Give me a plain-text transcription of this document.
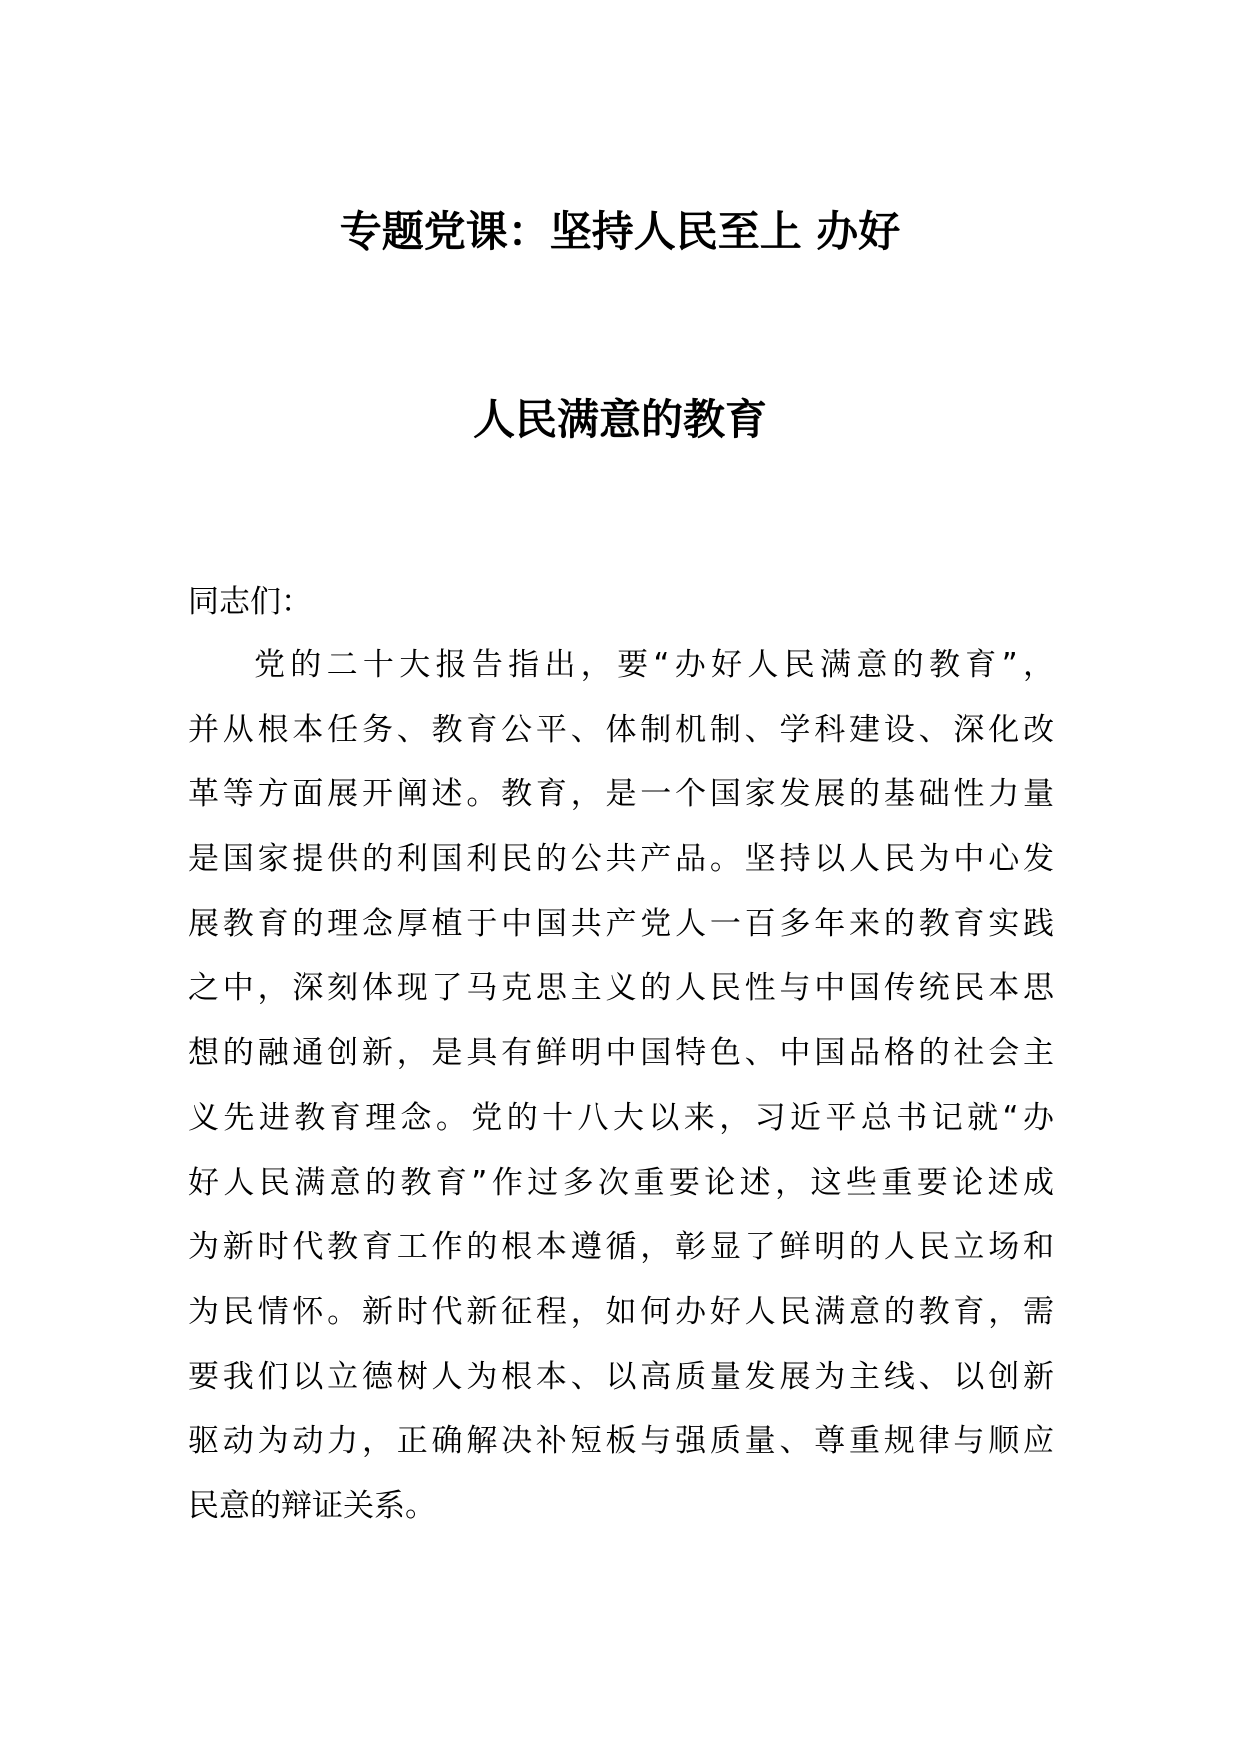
专题党课：坚持人民至上 办好
人民满意的教育

同志们：

党的二十大报告指出，要“办好人民满意的教育”，
并从根本任务、教育公平、体制机制、学科建设、深化改
革等方面展开阐述。教育，是一个国家发展的基础性力量
是国家提供的利国利民的公共产品。坚持以人民为中心发
展教育的理念厚植于中国共产党人一百多年来的教育实践
之中，深刻体现了马克思主义的人民性与中国传统民本思
想的融通创新，是具有鲜明中国特色、中国品格的社会主
义先进教育理念。党的十八大以来，习近平总书记就“办
好人民满意的教育”作过多次重要论述，这些重要论述成
为新时代教育工作的根本遵循，彰显了鲜明的人民立场和
为民情怀。新时代新征程，如何办好人民满意的教育，需
要我们以立德树人为根本、以高质量发展为主线、以创新
驱动为动力，正确解决补短板与强质量、尊重规律与顺应
民意的辩证关系。
